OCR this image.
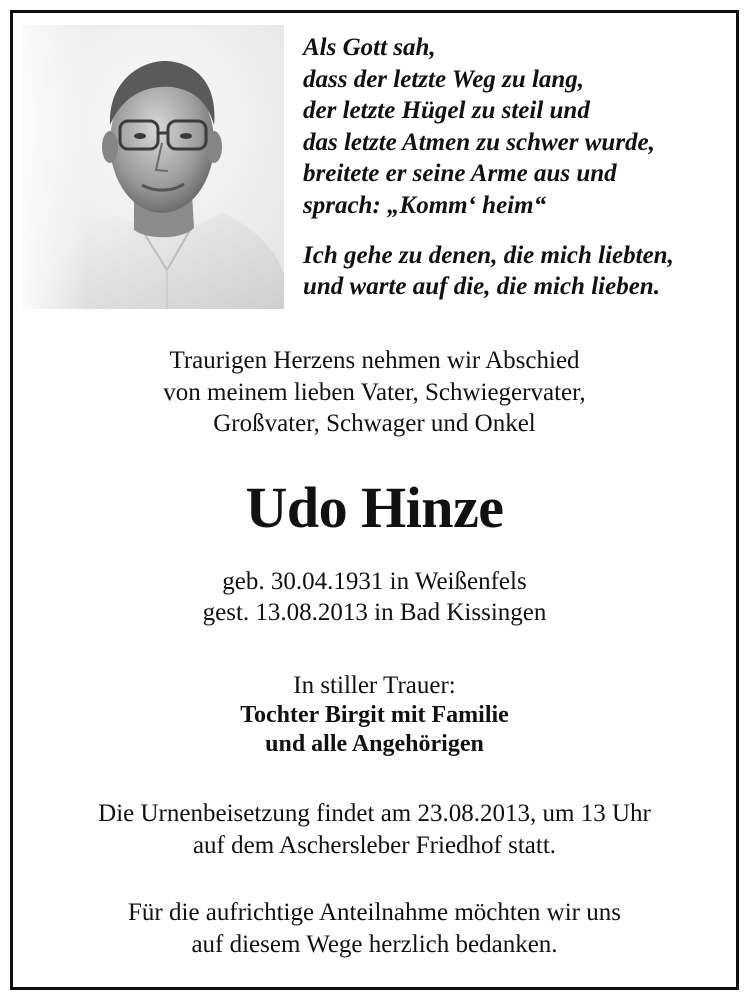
Als Gott sah,
dass der letzte Weg zu lang,
der letzte Hügel zu steil und
das letzte Atmen zu schwer wurde,
breitete er seine Arme aus und
sprach: „Komm‘ heim“

Ich gehe zu denen, die mich liebten,
und warte auf die, die mich lieben.

Traurigen Herzens nehmen wir Abschied
von meinem lieben Vater, Schwiegervater,
Großvater, Schwager und Onkel
Udo Hinze
geb. 30.04.1931 in Weißenfels
gest. 13.08.2013 in Bad Kissingen
In stiller Trauer:
Tochter Birgit mit Familie
und alle Angehörigen
Die Urnenbeisetzung findet am 23.08.2013, um 13 Uhr
auf dem Aschersleber Friedhof statt.
Für die aufrichtige Anteilnahme möchten wir uns
auf diesem Wege herzlich bedanken.
